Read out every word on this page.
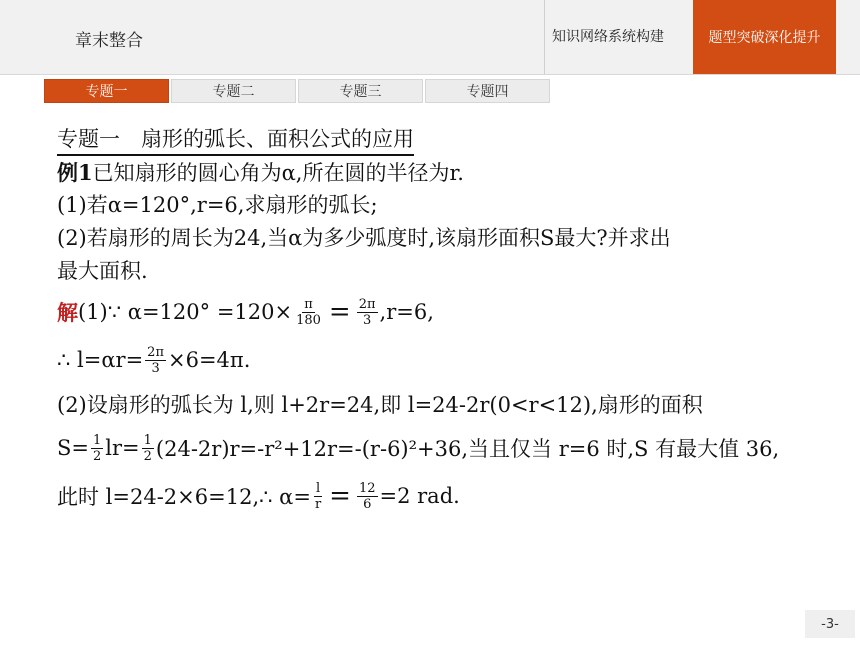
章末整合	知识网络系统构建	题型突破深化提升
专题一	专题二	专题三	专题四
专题一　扇形的弧长、面积公式的应用
例1已知扇形的圆心角为α,所在圆的半径为r.
(1)若α=120°,r=6,求扇形的弧长;
(2)若扇形的周长为24,当α为多少弧度时,该扇形面积S最大?并求出
最大面积.
解 (1)∵ $\alpha=120^\circ =120\times \frac{\pi}{180} = \frac{2\pi}{3} ,r=6$,
∴ $l=\alpha r= \frac{2\pi}{3} \times 6=4\pi$.
(2)设扇形的弧长为 l,则 l+2r=24,即 l=24-2r(0<r<12),扇形的面积
$S= \frac{1}{2} lr= \frac{1}{2} (24-2r)r=-r^2+12r=-(r-6)^2+36$,当且仅当 r=6 时,S 有最大值 36,
此时 l=24-2×6=12,∴ $\alpha= \frac{l}{r} = \frac{12}{6} =2$ rad.
-3-
